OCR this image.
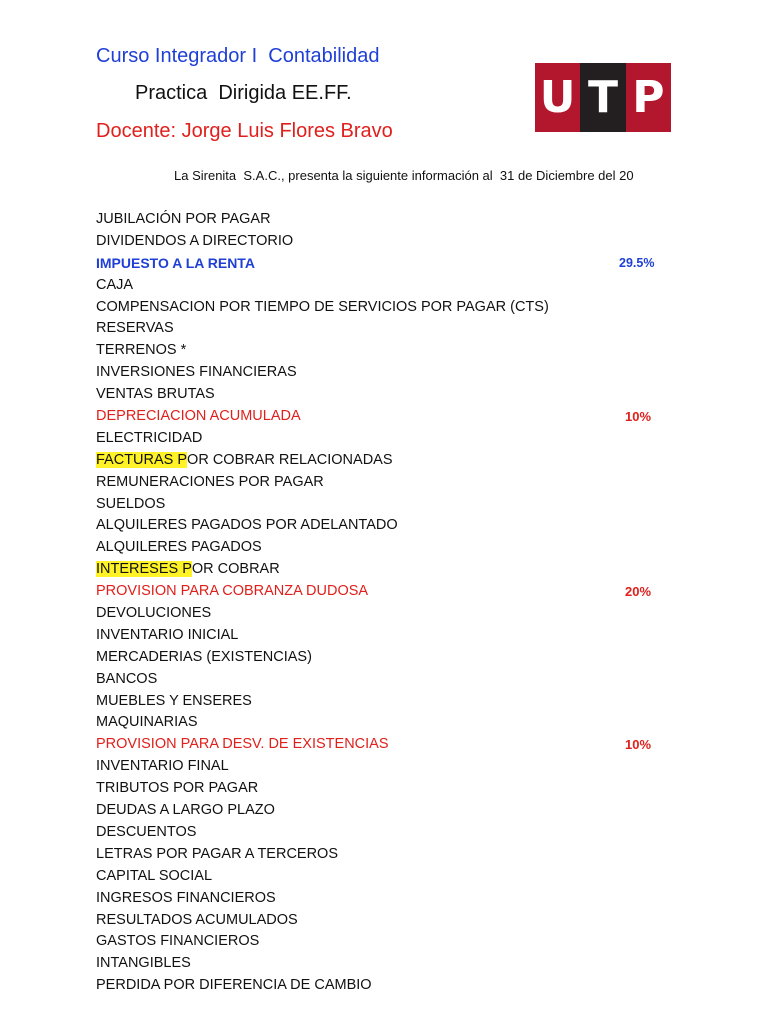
Curso Integrador I  Contabilidad
Practica  Dirigida EE.FF.
Docente: Jorge Luis Flores Bravo
U T P
La Sirenita  S.A.C., presenta la siguiente información al  31 de Diciembre del 20
JUBILACIÓN POR PAGAR
DIVIDENDOS A DIRECTORIO
IMPUESTO A LA RENTA	29.5%
CAJA
COMPENSACION POR TIEMPO DE SERVICIOS POR PAGAR (CTS)
RESERVAS
TERRENOS *
INVERSIONES FINANCIERAS
VENTAS BRUTAS
DEPRECIACION ACUMULADA	10%
ELECTRICIDAD
FACTURAS POR COBRAR RELACIONADAS
REMUNERACIONES POR PAGAR
SUELDOS
ALQUILERES PAGADOS POR ADELANTADO
ALQUILERES PAGADOS
INTERESES POR COBRAR
PROVISION PARA COBRANZA DUDOSA	20%
DEVOLUCIONES
INVENTARIO INICIAL
MERCADERIAS (EXISTENCIAS)
BANCOS
MUEBLES Y ENSERES
MAQUINARIAS
PROVISION PARA DESV. DE EXISTENCIAS	10%
INVENTARIO FINAL
TRIBUTOS POR PAGAR
DEUDAS A LARGO PLAZO
DESCUENTOS
LETRAS POR PAGAR A TERCEROS
CAPITAL SOCIAL
INGRESOS FINANCIEROS
RESULTADOS ACUMULADOS
GASTOS FINANCIEROS
INTANGIBLES
PERDIDA POR DIFERENCIA DE CAMBIO
